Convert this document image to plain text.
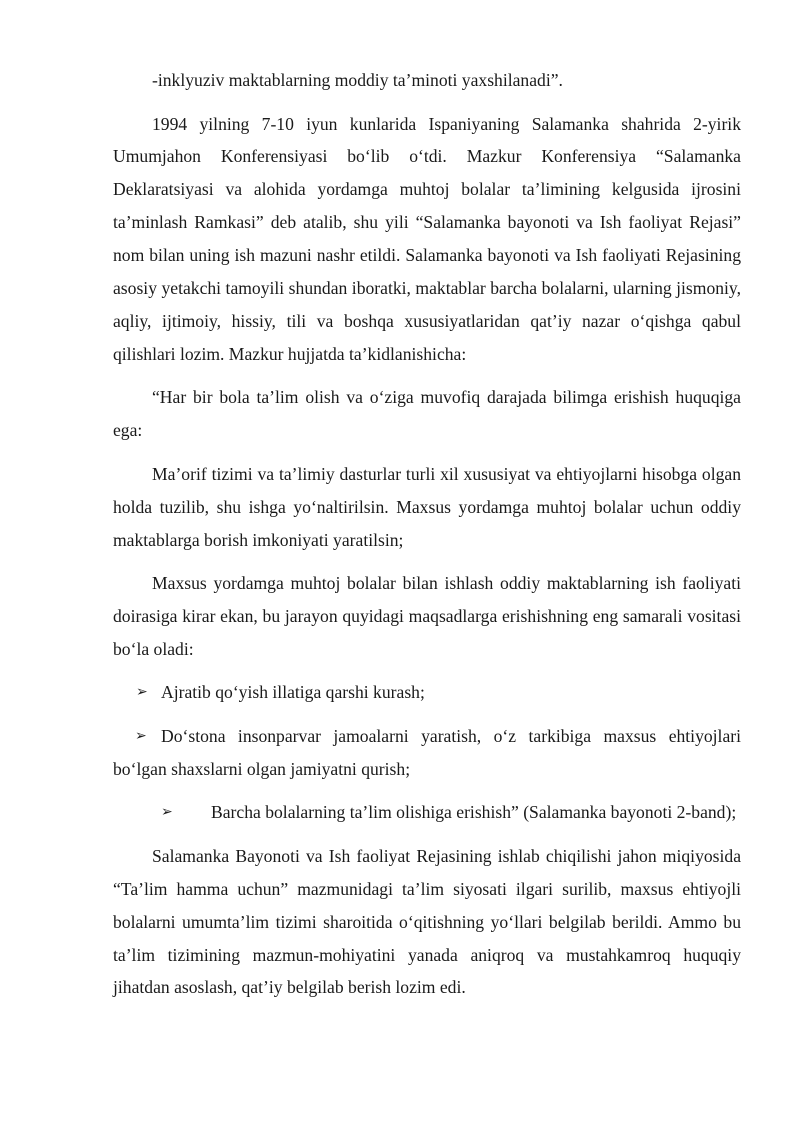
-inklyuziv maktablarning moddiy ta’minoti yaxshilanadi”.

1994 yilning 7-10 iyun kunlarida Ispaniyaning Salamanka shahrida 2-yirik Umumjahon Konferensiyasi bo‘lib o‘tdi. Mazkur Konferensiya “Salamanka Deklaratsiyasi va alohida yordamga muhtoj bolalar ta’limining kelgusida ijrosini ta’minlash Ramkasi” deb atalib, shu yili “Salamanka bayonoti va Ish faoliyat Rejasi” nom bilan uning ish mazuni nashr etildi. Salamanka bayonoti va Ish faoliyati Rejasining asosiy yetakchi tamoyili shundan iboratki, maktablar barcha bolalarni, ularning jismoniy, aqliy, ijtimoiy, hissiy, tili va boshqa xususiyatlaridan qat’iy nazar o‘qishga qabul qilishlari lozim. Mazkur hujjatda ta’kidlanishicha:

“Har bir bola ta’lim olish va o‘ziga muvofiq darajada bilimga erishish huquqiga ega:

Ma’orif tizimi va ta’limiy dasturlar turli xil xususiyat va ehtiyojlarni hisobga olgan holda tuzilib, shu ishga yo‘naltirilsin. Maxsus yordamga muhtoj bolalar uchun oddiy maktablarga borish imkoniyati yaratilsin;

Maxsus yordamga muhtoj bolalar bilan ishlash oddiy maktablarning ish faoliyati doirasiga kirar ekan, bu jarayon quyidagi maqsadlarga erishishning eng samarali vositasi bo‘la oladi:

➢ Ajratib qo‘yish illatiga qarshi kurash;
➢ Do‘stona insonparvar jamoalarni yaratish, o‘z tarkibiga maxsus ehtiyojlari bo‘lgan shaxslarni olgan jamiyatni qurish;
➢ Barcha bolalarning ta’lim olishiga erishish” (Salamanka bayonoti 2-band);

Salamanka Bayonoti va Ish faoliyat Rejasining ishlab chiqilishi jahon miqiyosida “Ta’lim hamma uchun” mazmunidagi ta’lim siyosati ilgari surilib, maxsus ehtiyojli bolalarni umumta’lim tizimi sharoitida o‘qitishning yo‘llari belgilab berildi. Ammo bu ta’lim tizimining mazmun-mohiyatini yanada aniqroq va mustahkamroq huquqiy jihatdan asoslash, qat’iy belgilab berish lozim edi.
